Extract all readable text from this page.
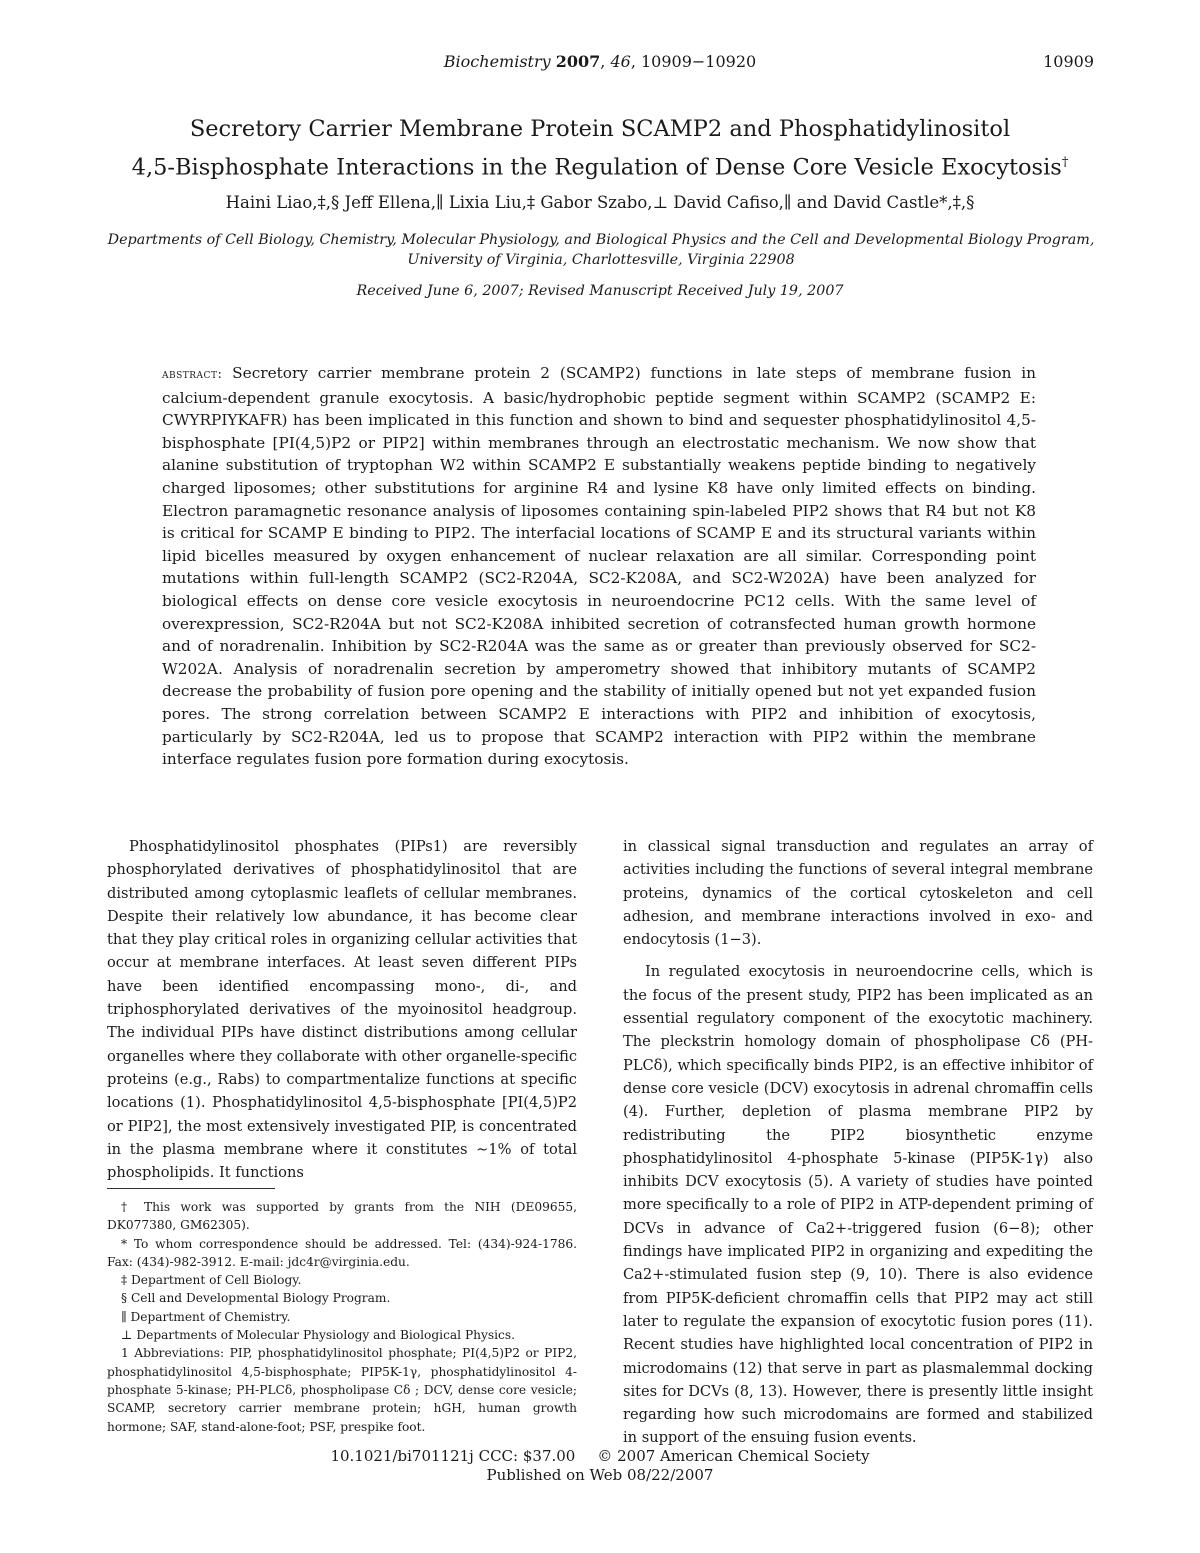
Biochemistry 2007, 46, 10909−10920	10909
Secretory Carrier Membrane Protein SCAMP2 and Phosphatidylinositol
4,5-Bisphosphate Interactions in the Regulation of Dense Core Vesicle Exocytosis†
Haini Liao,‡,§ Jeff Ellena,∥ Lixia Liu,‡ Gabor Szabo,⊥ David Cafiso,∥ and David Castle*,‡,§
Departments of Cell Biology, Chemistry, Molecular Physiology, and Biological Physics and the Cell and Developmental Biology Program, University of Virginia, Charlottesville, Virginia 22908
Received June 6, 2007; Revised Manuscript Received July 19, 2007
abstract: Secretory carrier membrane protein 2 (SCAMP2) functions in late steps of membrane fusion in calcium-dependent granule exocytosis. A basic/hydrophobic peptide segment within SCAMP2 (SCAMP2 E: CWYRPIYKAFR) has been implicated in this function and shown to bind and sequester phosphatidylinositol 4,5-bisphosphate [PI(4,5)P2 or PIP2] within membranes through an electrostatic mechanism. We now show that alanine substitution of tryptophan W2 within SCAMP2 E substantially weakens peptide binding to negatively charged liposomes; other substitutions for arginine R4 and lysine K8 have only limited effects on binding. Electron paramagnetic resonance analysis of liposomes containing spin-labeled PIP2 shows that R4 but not K8 is critical for SCAMP E binding to PIP2. The interfacial locations of SCAMP E and its structural variants within lipid bicelles measured by oxygen enhancement of nuclear relaxation are all similar. Corresponding point mutations within full-length SCAMP2 (SC2-R204A, SC2-K208A, and SC2-W202A) have been analyzed for biological effects on dense core vesicle exocytosis in neuroendocrine PC12 cells. With the same level of overexpression, SC2-R204A but not SC2-K208A inhibited secretion of cotransfected human growth hormone and of noradrenalin. Inhibition by SC2-R204A was the same as or greater than previously observed for SC2-W202A. Analysis of noradrenalin secretion by amperometry showed that inhibitory mutants of SCAMP2 decrease the probability of fusion pore opening and the stability of initially opened but not yet expanded fusion pores. The strong correlation between SCAMP2 E interactions with PIP2 and inhibition of exocytosis, particularly by SC2-R204A, led us to propose that SCAMP2 interaction with PIP2 within the membrane interface regulates fusion pore formation during exocytosis.

Phosphatidylinositol phosphates (PIPs1) are reversibly phosphorylated derivatives of phosphatidylinositol that are distributed among cytoplasmic leaflets of cellular membranes. Despite their relatively low abundance, it has become clear that they play critical roles in organizing cellular activities that occur at membrane interfaces. At least seven different PIPs have been identified encompassing mono-, di-, and triphosphorylated derivatives of the myoinositol headgroup. The individual PIPs have distinct distributions among cellular organelles where they collaborate with other organelle-specific proteins (e.g., Rabs) to compartmentalize functions at specific locations (1). Phosphatidylinositol 4,5-bisphosphate [PI(4,5)P2 or PIP2], the most extensively investigated PIP, is concentrated in the plasma membrane where it constitutes ∼1% of total phospholipids. It functions

in classical signal transduction and regulates an array of activities including the functions of several integral membrane proteins, dynamics of the cortical cytoskeleton and cell adhesion, and membrane interactions involved in exo- and endocytosis (1−3).

In regulated exocytosis in neuroendocrine cells, which is the focus of the present study, PIP2 has been implicated as an essential regulatory component of the exocytotic machinery. The pleckstrin homology domain of phospholipase Cδ (PH-PLCδ), which specifically binds PIP2, is an effective inhibitor of dense core vesicle (DCV) exocytosis in adrenal chromaffin cells (4). Further, depletion of plasma membrane PIP2 by redistributing the PIP2 biosynthetic enzyme phosphatidylinositol 4-phosphate 5-kinase (PIP5K-1γ) also inhibits DCV exocytosis (5). A variety of studies have pointed more specifically to a role of PIP2 in ATP-dependent priming of DCVs in advance of Ca2+-triggered fusion (6−8); other findings have implicated PIP2 in organizing and expediting the Ca2+-stimulated fusion step (9, 10). There is also evidence from PIP5K-deficient chromaffin cells that PIP2 may act still later to regulate the expansion of exocytotic fusion pores (11). Recent studies have highlighted local concentration of PIP2 in microdomains (12) that serve in part as plasmalemmal docking sites for DCVs (8, 13). However, there is presently little insight regarding how such microdomains are formed and stabilized in support of the ensuing fusion events.

† This work was supported by grants from the NIH (DE09655, DK077380, GM62305).

* To whom correspondence should be addressed. Tel: (434)-924-1786. Fax: (434)-982-3912. E-mail: jdc4r@virginia.edu.

‡ Department of Cell Biology.

§ Cell and Developmental Biology Program.

∥ Department of Chemistry.

⊥ Departments of Molecular Physiology and Biological Physics.

1 Abbreviations: PIP, phosphatidylinositol phosphate; PI(4,5)P2 or PIP2, phosphatidylinositol 4,5-bisphosphate; PIP5K-1γ, phosphatidylinositol 4-phosphate 5-kinase; PH-PLCδ, phospholipase Cδ ; DCV, dense core vesicle; SCAMP, secretory carrier membrane protein; hGH, human growth hormone; SAF, stand-alone-foot; PSF, prespike foot.

10.1021/bi701121j CCC: $37.00 © 2007 American Chemical Society
Published on Web 08/22/2007
